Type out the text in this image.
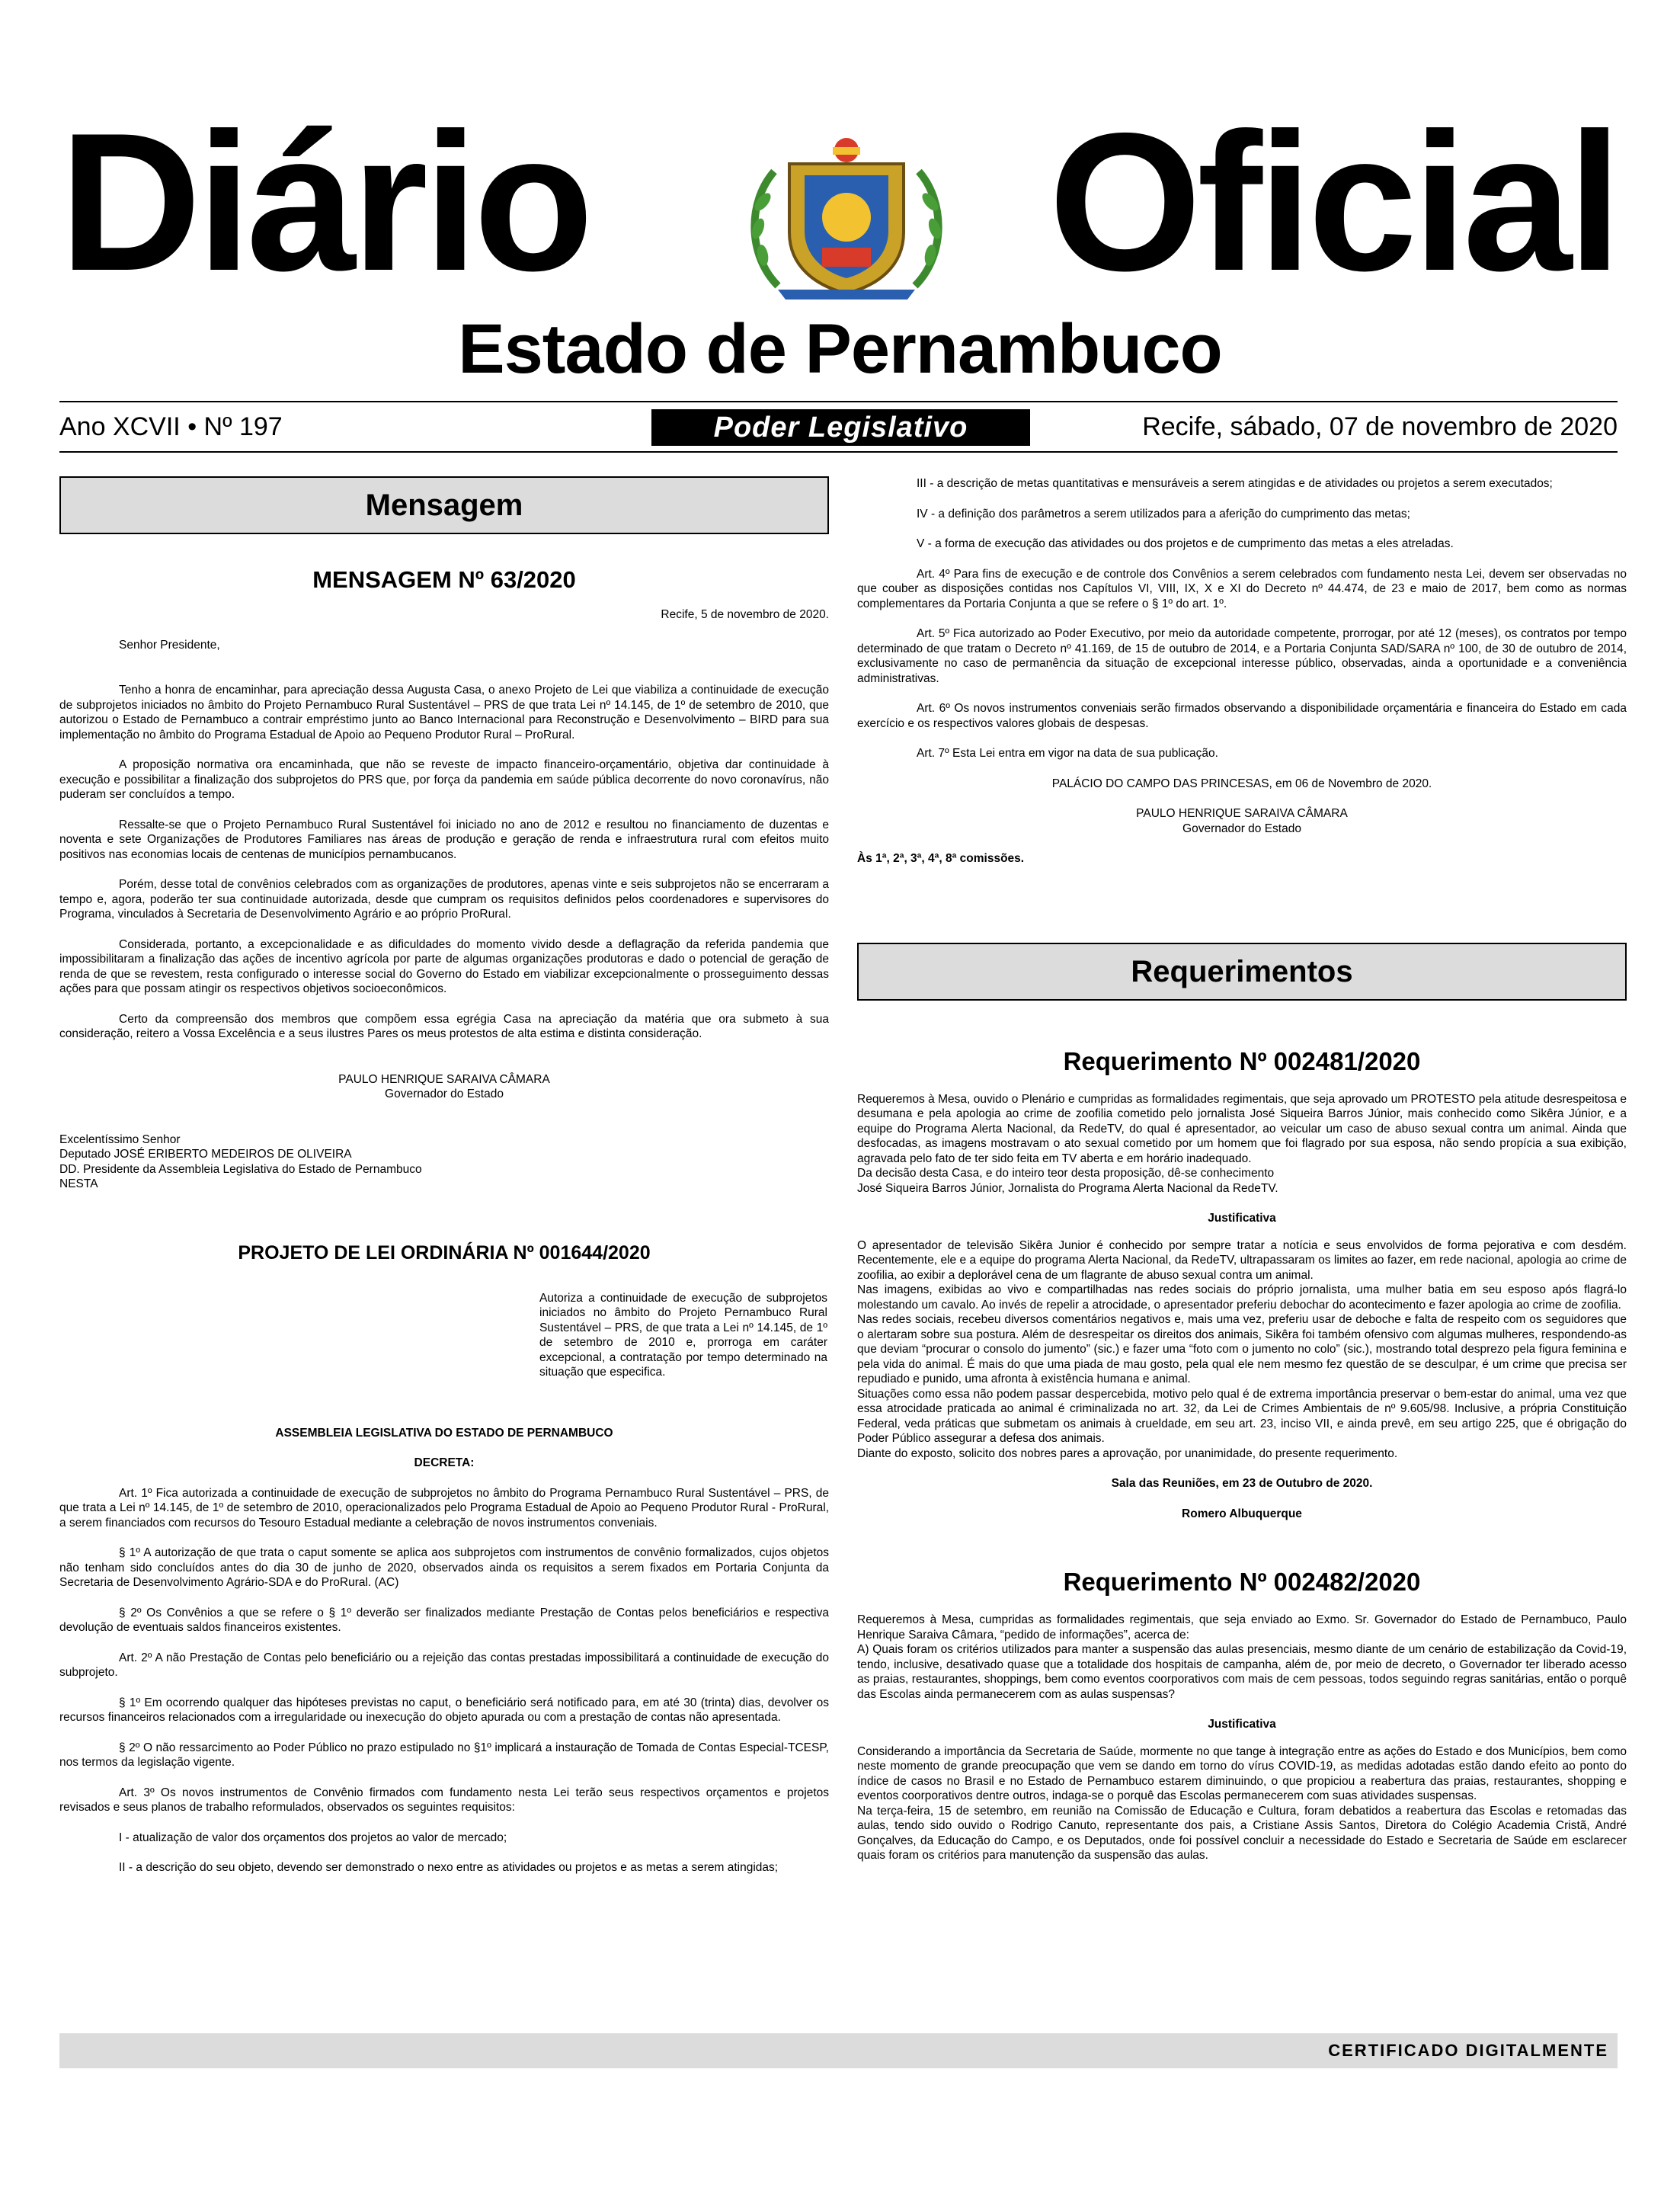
Diário Oficial
Estado de Pernambuco
Ano XCVII • Nº 197	Poder Legislativo	Recife, sábado, 07 de novembro de 2020
Mensagem

MENSAGEM Nº 63/2020

Recife, 5 de novembro de 2020.

Senhor Presidente,

Tenho a honra de encaminhar, para apreciação dessa Augusta Casa, o anexo Projeto de Lei que viabiliza a continuidade de execução de subprojetos iniciados no âmbito do Projeto Pernambuco Rural Sustentável – PRS de que trata Lei nº 14.145, de 1º de setembro de 2010, que autorizou o Estado de Pernambuco a contrair empréstimo junto ao Banco Internacional para Reconstrução e Desenvolvimento – BIRD para sua implementação no âmbito do Programa Estadual de Apoio ao Pequeno Produtor Rural – ProRural.

A proposição normativa ora encaminhada, que não se reveste de impacto financeiro-orçamentário, objetiva dar continuidade à execução e possibilitar a finalização dos subprojetos do PRS que, por força da pandemia em saúde pública decorrente do novo coronavírus, não puderam ser concluídos a tempo.

Ressalte-se que o Projeto Pernambuco Rural Sustentável foi iniciado no ano de 2012 e resultou no financiamento de duzentas e noventa e sete Organizações de Produtores Familiares nas áreas de produção e geração de renda e infraestrutura rural com efeitos muito positivos nas economias locais de centenas de municípios pernambucanos.

Porém, desse total de convênios celebrados com as organizações de produtores, apenas vinte e seis subprojetos não se encerraram a tempo e, agora, poderão ter sua continuidade autorizada, desde que cumpram os requisitos definidos pelos coordenadores e supervisores do Programa, vinculados à Secretaria de Desenvolvimento Agrário e ao próprio ProRural.

Considerada, portanto, a excepcionalidade e as dificuldades do momento vivido desde a deflagração da referida pandemia que impossibilitaram a finalização das ações de incentivo agrícola por parte de algumas organizações produtoras e dado o potencial de geração de renda de que se revestem, resta configurado o interesse social do Governo do Estado em viabilizar excepcionalmente o prosseguimento dessas ações para que possam atingir os respectivos objetivos socioeconômicos.

Certo da compreensão dos membros que compõem essa egrégia Casa na apreciação da matéria que ora submeto à sua consideração, reitero a Vossa Excelência e a seus ilustres Pares os meus protestos de alta estima e distinta consideração.

PAULO HENRIQUE SARAIVA CÂMARA

Governador do Estado

Excelentíssimo Senhor

Deputado JOSÉ ERIBERTO MEDEIROS DE OLIVEIRA

DD. Presidente da Assembleia Legislativa do Estado de Pernambuco

NESTA

PROJETO DE LEI ORDINÁRIA Nº 001644/2020

Autoriza a continuidade de execução de subprojetos iniciados no âmbito do Projeto Pernambuco Rural Sustentável – PRS, de que trata a Lei nº 14.145, de 1º de setembro de 2010 e, prorroga em caráter excepcional, a contratação por tempo determinado na situação que especifica.

ASSEMBLEIA LEGISLATIVA DO ESTADO DE PERNAMBUCO

DECRETA:

Art. 1º Fica autorizada a continuidade de execução de subprojetos no âmbito do Programa Pernambuco Rural Sustentável – PRS, de que trata a Lei nº 14.145, de 1º de setembro de 2010, operacionalizados pelo Programa Estadual de Apoio ao Pequeno Produtor Rural - ProRural, a serem financiados com recursos do Tesouro Estadual mediante a celebração de novos instrumentos conveniais.

§ 1º A autorização de que trata o caput somente se aplica aos subprojetos com instrumentos de convênio formalizados, cujos objetos não tenham sido concluídos antes do dia 30 de junho de 2020, observados ainda os requisitos a serem fixados em Portaria Conjunta da Secretaria de Desenvolvimento Agrário-SDA e do ProRural. (AC)

§ 2º Os Convênios a que se refere o § 1º deverão ser finalizados mediante Prestação de Contas pelos beneficiários e respectiva devolução de eventuais saldos financeiros existentes.

Art. 2º A não Prestação de Contas pelo beneficiário ou a rejeição das contas prestadas impossibilitará a continuidade de execução do subprojeto.

§ 1º Em ocorrendo qualquer das hipóteses previstas no caput, o beneficiário será notificado para, em até 30 (trinta) dias, devolver os recursos financeiros relacionados com a irregularidade ou inexecução do objeto apurada ou com a prestação de contas não apresentada.

§ 2º O não ressarcimento ao Poder Público no prazo estipulado no §1º implicará a instauração de Tomada de Contas Especial-TCESP, nos termos da legislação vigente.

Art. 3º Os novos instrumentos de Convênio firmados com fundamento nesta Lei terão seus respectivos orçamentos e projetos revisados e seus planos de trabalho reformulados, observados os seguintes requisitos:

I - atualização de valor dos orçamentos dos projetos ao valor de mercado;

II - a descrição do seu objeto, devendo ser demonstrado o nexo entre as atividades ou projetos e as metas a serem atingidas;

III - a descrição de metas quantitativas e mensuráveis a serem atingidas e de atividades ou projetos a serem executados;

IV - a definição dos parâmetros a serem utilizados para a aferição do cumprimento das metas;

V - a forma de execução das atividades ou dos projetos e de cumprimento das metas a eles atreladas.

Art. 4º Para fins de execução e de controle dos Convênios a serem celebrados com fundamento nesta Lei, devem ser observadas no que couber as disposições contidas nos Capítulos VI, VIII, IX, X e XI do Decreto nº 44.474, de 23 e maio de 2017, bem como as normas complementares da Portaria Conjunta a que se refere o § 1º do art. 1º.

Art. 5º Fica autorizado ao Poder Executivo, por meio da autoridade competente, prorrogar, por até 12 (meses), os contratos por tempo determinado de que tratam o Decreto nº 41.169, de 15 de outubro de 2014, e a Portaria Conjunta SAD/SARA nº 100, de 30 de outubro de 2014, exclusivamente no caso de permanência da situação de excepcional interesse público, observadas, ainda a oportunidade e a conveniência administrativas.

Art. 6º Os novos instrumentos conveniais serão firmados observando a disponibilidade orçamentária e financeira do Estado em cada exercício e os respectivos valores globais de despesas.

Art. 7º Esta Lei entra em vigor na data de sua publicação.

PALÁCIO DO CAMPO DAS PRINCESAS, em 06 de Novembro de 2020.

PAULO HENRIQUE SARAIVA CÂMARA

Governador do Estado

Às 1ª, 2ª, 3ª, 4ª, 8ª comissões.

Requerimentos

Requerimento Nº 002481/2020

Requeremos à Mesa, ouvido o Plenário e cumpridas as formalidades regimentais, que seja aprovado um PROTESTO pela atitude desrespeitosa e desumana e pela apologia ao crime de zoofilia cometido pelo jornalista José Siqueira Barros Júnior, mais conhecido como Sikêra Júnior, e a equipe do Programa Alerta Nacional, da RedeTV, do qual é apresentador, ao veicular um caso de abuso sexual contra um animal. Ainda que desfocadas, as imagens mostravam o ato sexual cometido por um homem que foi flagrado por sua esposa, não sendo propícia a sua exibição, agravada pelo fato de ter sido feita em TV aberta e em horário inadequado.

Da decisão desta Casa, e do inteiro teor desta proposição, dê-se conhecimento

José Siqueira Barros Júnior, Jornalista do Programa Alerta Nacional da RedeTV.

Justificativa

O apresentador de televisão Sikêra Junior é conhecido por sempre tratar a notícia e seus envolvidos de forma pejorativa e com desdém. Recentemente, ele e a equipe do programa Alerta Nacional, da RedeTV, ultrapassaram os limites ao fazer, em rede nacional, apologia ao crime de zoofilia, ao exibir a deplorável cena de um flagrante de abuso sexual contra um animal.

Nas imagens, exibidas ao vivo e compartilhadas nas redes sociais do próprio jornalista, uma mulher batia em seu esposo após flagrá-lo molestando um cavalo. Ao invés de repelir a atrocidade, o apresentador preferiu debochar do acontecimento e fazer apologia ao crime de zoofilia.

Nas redes sociais, recebeu diversos comentários negativos e, mais uma vez, preferiu usar de deboche e falta de respeito com os seguidores que o alertaram sobre sua postura. Além de desrespeitar os direitos dos animais, Sikêra foi também ofensivo com algumas mulheres, respondendo-as que deviam “procurar o consolo do jumento” (sic.) e fazer uma “foto com o jumento no colo” (sic.), mostrando total desprezo pela figura feminina e pela vida do animal. É mais do que uma piada de mau gosto, pela qual ele nem mesmo fez questão de se desculpar, é um crime que precisa ser repudiado e punido, uma afronta à existência humana e animal.

Situações como essa não podem passar despercebida, motivo pelo qual é de extrema importância preservar o bem-estar do animal, uma vez que essa atrocidade praticada ao animal é criminalizada no art. 32, da Lei de Crimes Ambientais de nº 9.605/98. Inclusive, a própria Constituição Federal, veda práticas que submetam os animais à crueldade, em seu art. 23, inciso VII, e ainda prevê, em seu artigo 225, que é obrigação do Poder Público assegurar a defesa dos animais.

Diante do exposto, solicito dos nobres pares a aprovação, por unanimidade, do presente requerimento.

Sala das Reuniões, em 23 de Outubro de 2020.

Romero Albuquerque

Requerimento Nº 002482/2020

Requeremos à Mesa, cumpridas as formalidades regimentais, que seja enviado ao Exmo. Sr. Governador do Estado de Pernambuco, Paulo Henrique Saraiva Câmara, “pedido de informações”, acerca de:

A) Quais foram os critérios utilizados para manter a suspensão das aulas presenciais, mesmo diante de um cenário de estabilização da Covid-19, tendo, inclusive, desativado quase que a totalidade dos hospitais de campanha, além de, por meio de decreto, o Governador ter liberado acesso as praias, restaurantes, shoppings, bem como eventos coorporativos com mais de cem pessoas, todos seguindo regras sanitárias, então o porquê das Escolas ainda permanecerem com as aulas suspensas?

Justificativa

Considerando a importância da Secretaria de Saúde, mormente no que tange à integração entre as ações do Estado e dos Municípios, bem como neste momento de grande preocupação que vem se dando em torno do vírus COVID-19, as medidas adotadas estão dando efeito ao ponto do índice de casos no Brasil e no Estado de Pernambuco estarem diminuindo, o que propiciou a reabertura das praias, restaurantes, shopping e eventos coorporativos dentre outros, indaga-se o porquê das Escolas permanecerem com suas atividades suspensas.

Na terça-feira, 15 de setembro, em reunião na Comissão de Educação e Cultura, foram debatidos a reabertura das Escolas e retomadas das aulas, tendo sido ouvido o Rodrigo Canuto, representante dos pais, a Cristiane Assis Santos, Diretora do Colégio Academia Cristã, André Gonçalves, da Educação do Campo, e os Deputados, onde foi possível concluir a necessidade do Estado e Secretaria de Saúde em esclarecer quais foram os critérios para manutenção da suspensão das aulas.

CERTIFICADO DIGITALMENTE
